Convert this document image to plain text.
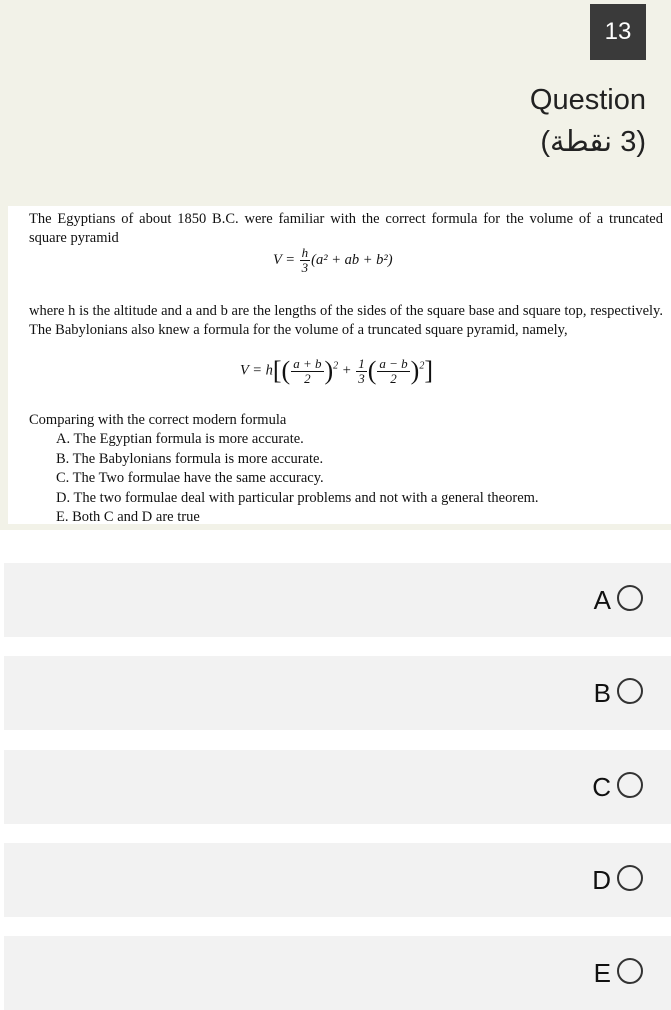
13
Question
(3 نقطة)

The Egyptians of about 1850 B.C. were familiar with the correct formula for the volume of a truncated square pyramid

$V = \frac{h}{3} (a^2$ + ab + b²)

where h is the altitude and a and b are the lengths of the sides of the square base and square top, respectively. The Babylonians also knew a formula for the volume of a truncated square pyramid, namely,

$V = h[( \frac{a + b}{2} )^2 + \frac{1}{3}$ ( $\frac{a - b}{2} )^2$]

Comparing with the correct modern formula

A. The Egyptian formula is more accurate.
B. The Babylonians formula is more accurate.
C. The Two formulae have the same accuracy.
D. The two formulae deal with particular problems and not with a general theorem.
E. Both C and D are true
A
B
C
D
E
